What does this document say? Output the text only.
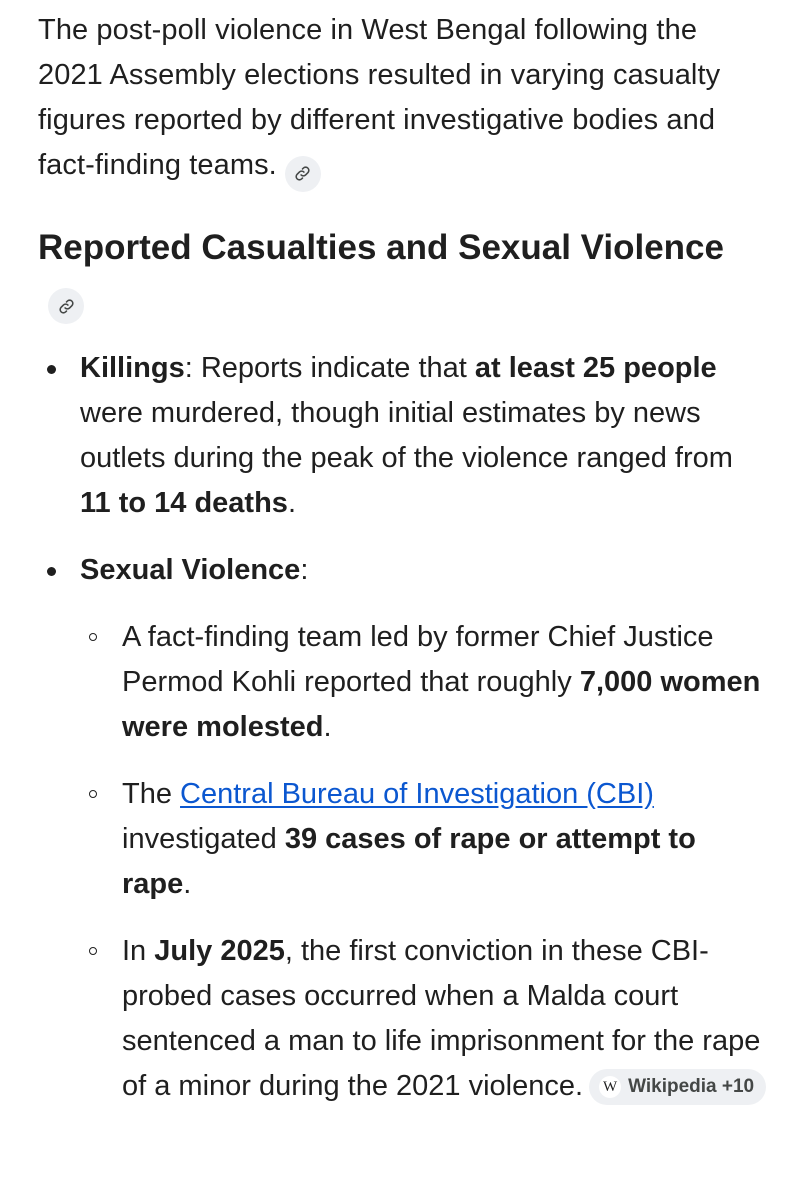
The post-poll violence in West Bengal following the 2021 Assembly elections resulted in varying casualty figures reported by different investigative bodies and fact-finding teams.

Reported Casualties and Sexual Violence
Killings: Reports indicate that at least 25 people were murdered, though initial estimates by news outlets during the peak of the violence ranged from 11 to 14 deaths.
Sexual Violence:
A fact-finding team led by former Chief Justice Permod Kohli reported that roughly 7,000 women were molested.
The Central Bureau of Investigation (CBI) investigated 39 cases of rape or attempt to rape.
In July 2025, the first conviction in these CBI-probed cases occurred when a Malda court sentenced a man to life imprisonment for the rape of a minor during the 2021 violence. W Wikipedia +10
